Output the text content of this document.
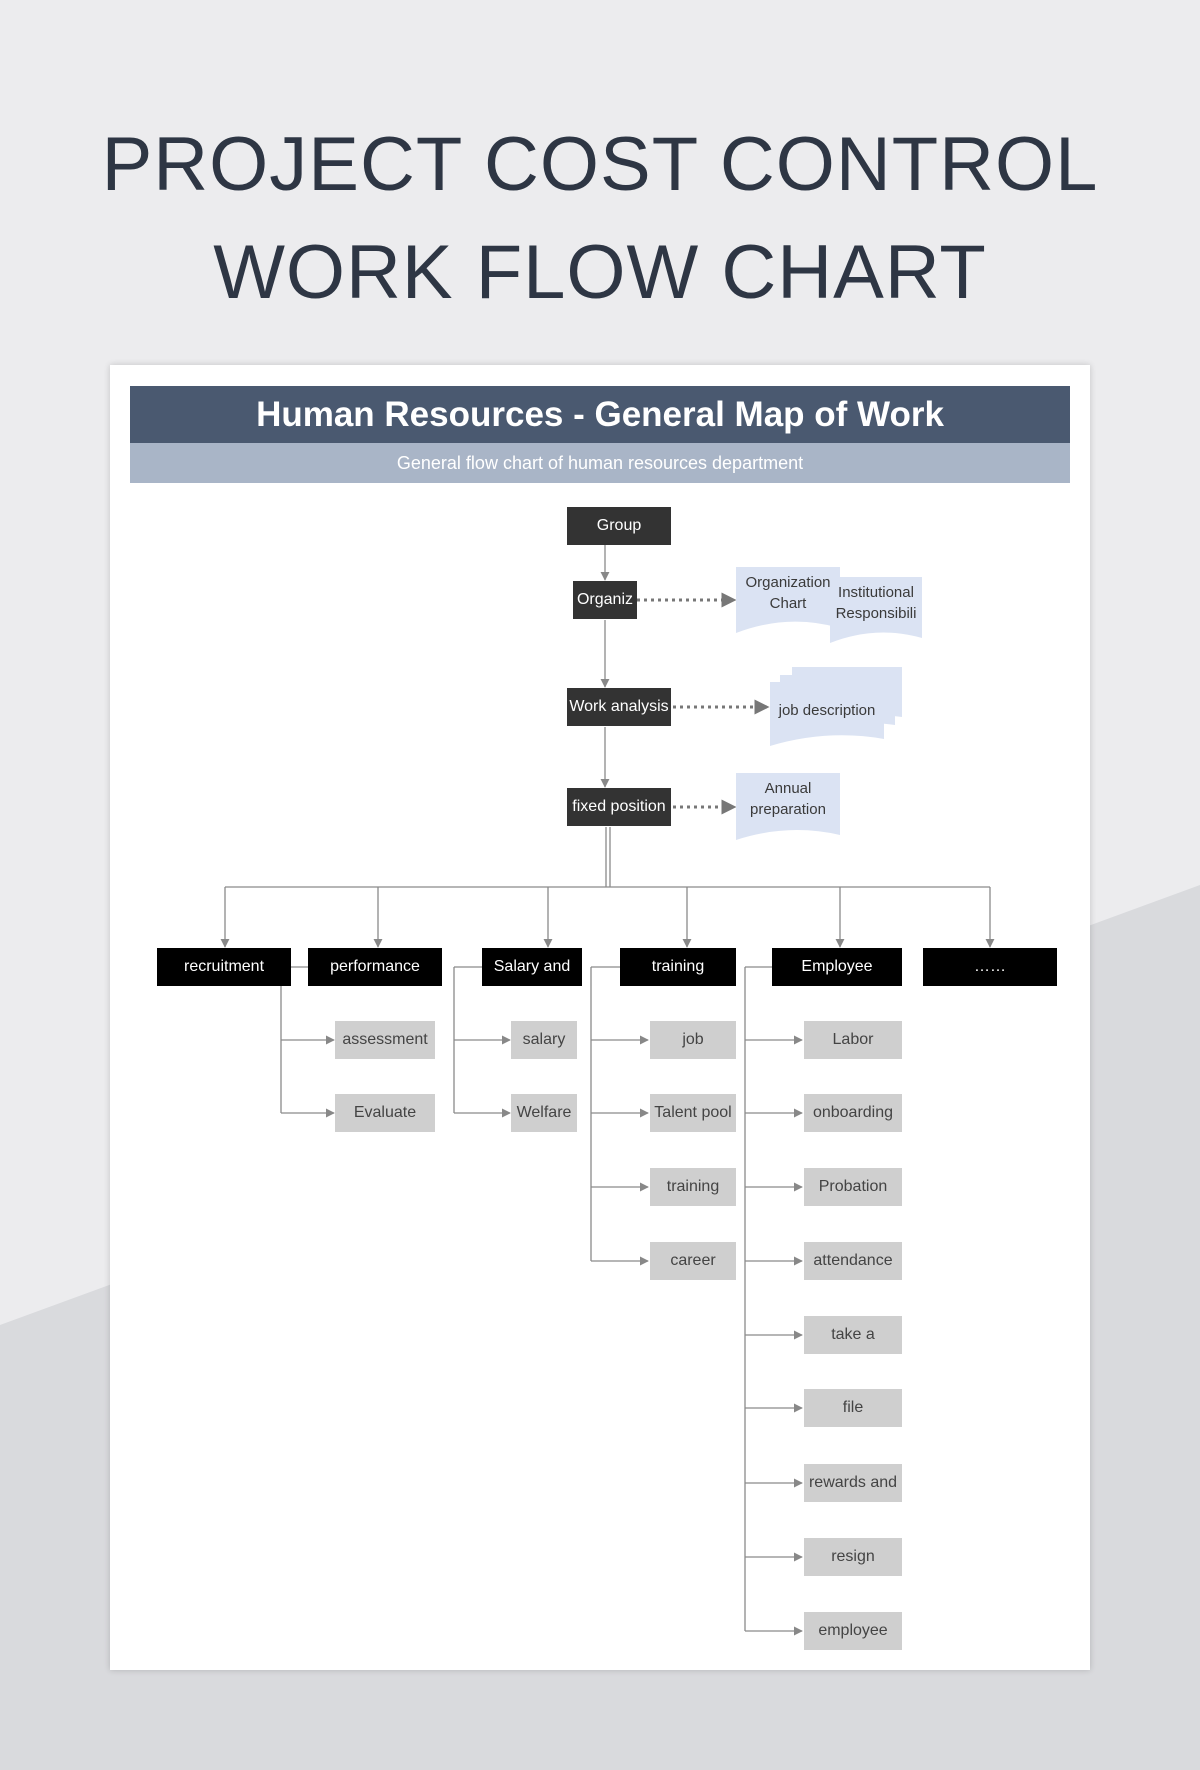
PROJECT COST CONTROL
WORK FLOW CHART
Human Resources - General Map of Work
General flow chart of human resources department
Group
Organiz
Work analysis
fixed position
Organization Chart
Institutional Responsibili
job description
Annual preparation
recruitment	performance	Salary and	training	Employee	……
assessment
Evaluate
salary
Welfare
job
Talent pool
training
career
Labor
onboarding
Probation
attendance
take a
file
rewards and
resign
employee
